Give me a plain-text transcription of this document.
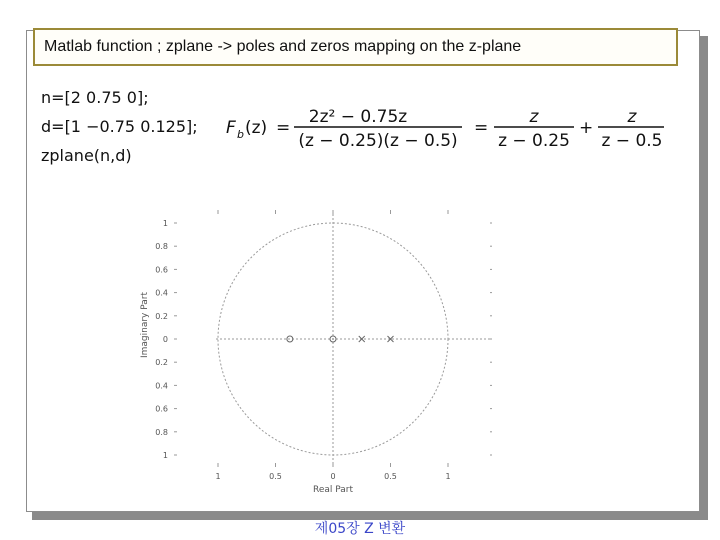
Matlab function ;
zplane -> poles and zeros mapping on the z-plane
n=[2 0.75 0];
d=[1 −0.75 0.125];
zplane(n,d)
F b (z) =
2z² − 0.75z
(z − 0.25)(z − 0.5)
=
z
z − 0.25
+
z
z − 0.5
1
0.8
0.6
0.4
0.2
0
0.2
0.4
0.6
0.8
1
1	0.5	0	0.5	1
Real Part
Imaginary Part
제05장 Z 변환
